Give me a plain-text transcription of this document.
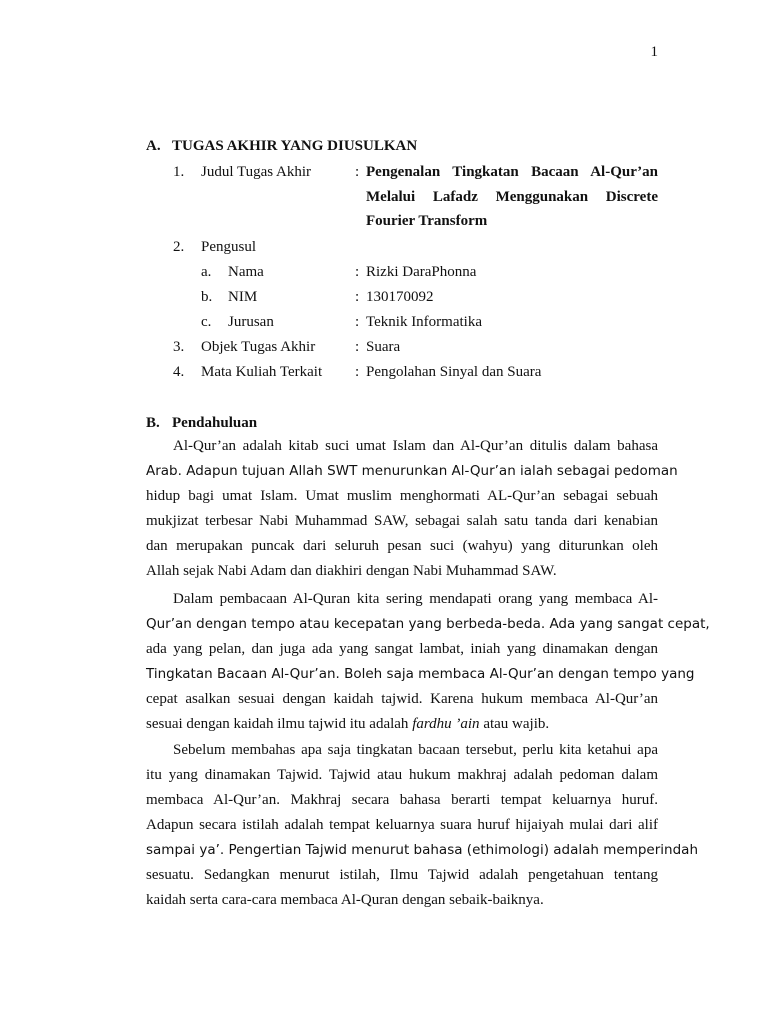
1
A. TUGAS AKHIR YANG DIUSULKAN
1. Judul Tugas Akhir	: Pengenalan Tingkatan Bacaan Al-Qur’an
Melalui Lafadz Menggunakan Discrete
Fourier Transform
2. Pengusul
a. Nama	: Rizki DaraPhonna
b. NIM	: 130170092
c. Jurusan	: Teknik Informatika
3. Objek Tugas Akhir	: Suara
4. Mata Kuliah Terkait : Pengolahan Sinyal dan Suara
B. Pendahuluan
Al-Qur’an adalah kitab suci umat Islam dan Al-Qur’an ditulis dalam bahasa
Arab. Adapun tujuan Allah SWT menurunkan Al-Qur’an ialah sebagai pedoman
hidup bagi umat Islam. Umat muslim menghormati AL-Qur’an sebagai sebuah
mukjizat terbesar Nabi Muhammad SAW, sebagai salah satu tanda dari kenabian
dan merupakan puncak dari seluruh pesan suci (wahyu) yang diturunkan oleh
Allah sejak Nabi Adam dan diakhiri dengan Nabi Muhammad SAW.
Dalam pembacaan Al-Quran kita sering mendapati orang yang membaca Al-
Qur’an dengan tempo atau kecepatan yang berbeda-beda. Ada yang sangat cepat,
ada yang pelan, dan juga ada yang sangat lambat, iniah yang dinamakan dengan
Tingkatan Bacaan Al-Qur’an. Boleh saja membaca Al-Qur’an dengan tempo yang
cepat asalkan sesuai dengan kaidah tajwid. Karena hukum membaca Al-Qur’an
sesuai dengan kaidah ilmu tajwid itu adalah fardhu ’ain atau wajib.
Sebelum membahas apa saja tingkatan bacaan tersebut, perlu kita ketahui apa
itu yang dinamakan Tajwid. Tajwid atau hukum makhraj adalah pedoman dalam
membaca Al-Qur’an. Makhraj secara bahasa berarti tempat keluarnya huruf.
Adapun secara istilah adalah tempat keluarnya suara huruf hijaiyah mulai dari alif
sampai ya’. Pengertian Tajwid menurut bahasa (ethimologi) adalah memperindah
sesuatu. Sedangkan menurut istilah, Ilmu Tajwid adalah pengetahuan tentang
kaidah serta cara-cara membaca Al-Quran dengan sebaik-baiknya.
